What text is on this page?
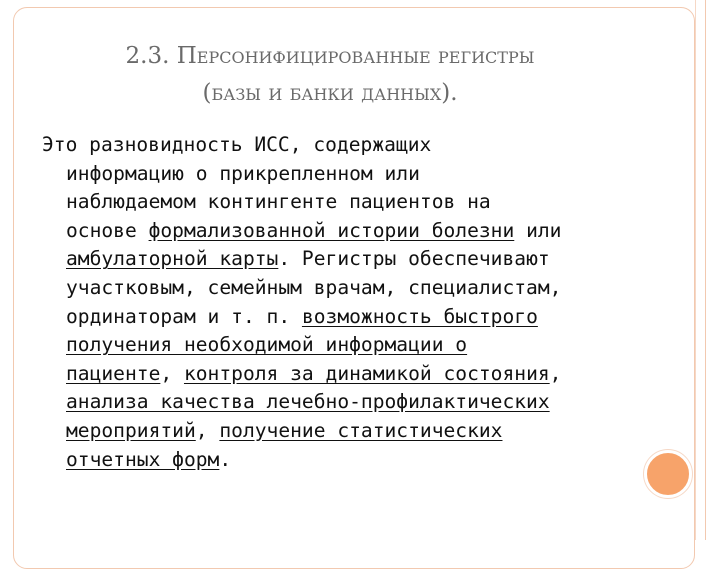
2.3. Персонифицированные регистры
(базы и банки данных).
Это разновидность ИСС, содержащих
информацию о прикрепленном или
наблюдаемом контингенте пациентов на
основе формализованной истории болезни или
амбулаторной карты. Регистры обеспечивают
участковым, семейным врачам, специалистам,
ординаторам и т. п. возможность быстрого
получения необходимой информации о
пациенте, контроля за динамикой состояния,
анализа качества лечебно-профилактических
мероприятий, получение статистических
отчетных форм.
